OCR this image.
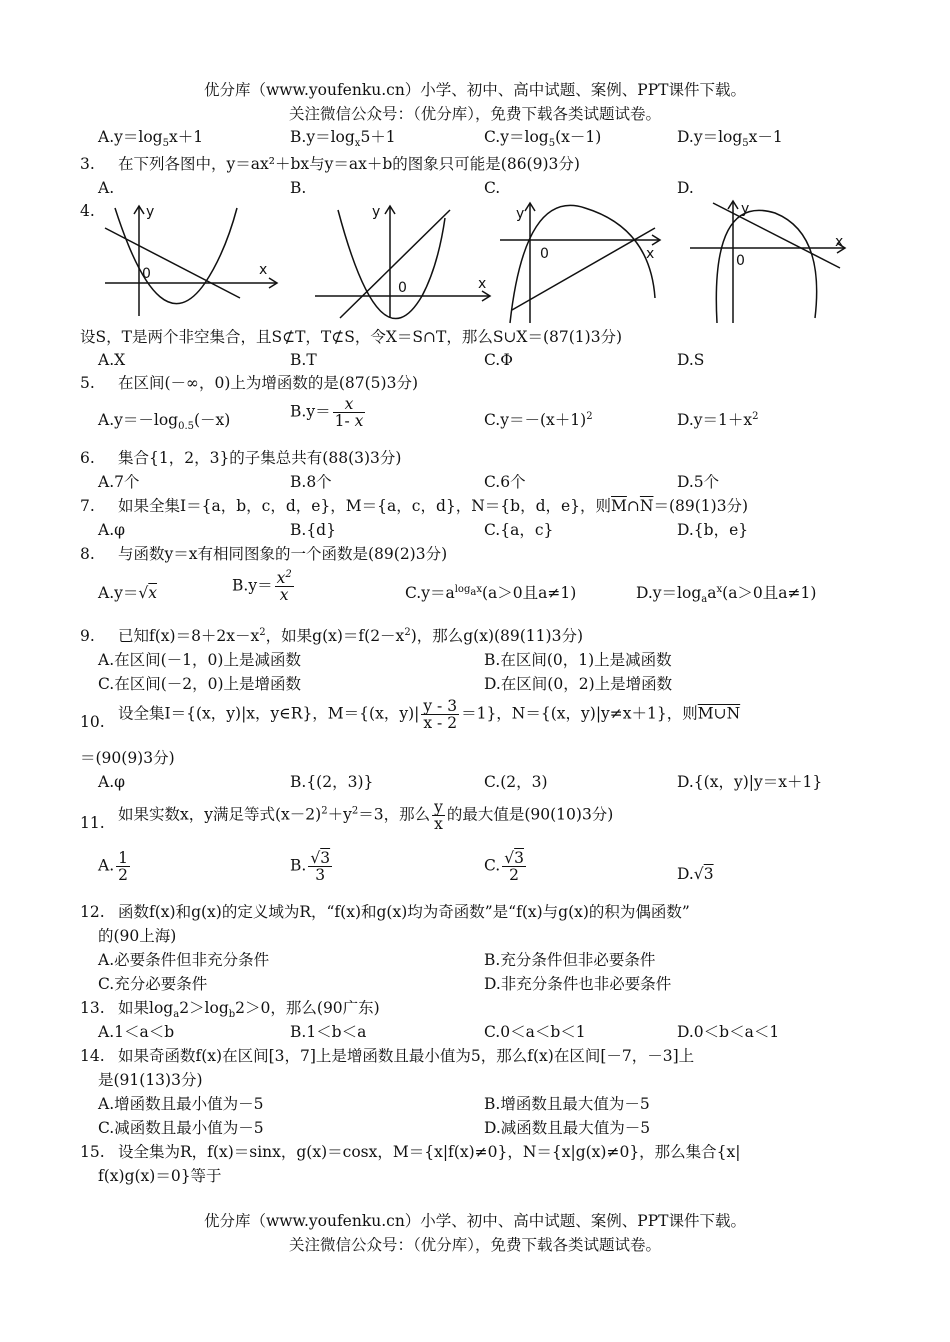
优分库（www.youfenku.cn）小学、初中、高中试题、案例、PPT课件下载。
关注微信公众号：（优分库），免费下载各类试题试卷。
$A.y=\log_5x+1$	$B.y=\log_x5+1$	$C.y=\log_5(x-1)$	$D.y=\log_5x-1$
3. 在下列各图中，y＝ax²＋bx与y＝ax＋b的图象只可能是(86(9)3分)
A.	B.	C.	D.
4.	y
x
0
y
x
0
y
x
0
y
x
0
设S，T是两个非空集合，且S⊄T，T⊄S，令X＝S∩T，那么S∪X＝(87(1)3分)
A.X	B.T	C.Φ	D.S
5. 在区间(－∞，0)上为增函数的是(87(5)3分)
$A.y=-\log_{0.5}(-x)$	$B.y= \frac{x}{1- x}$	$C.y=-(x+1)^2$	$D.y=1+x^2$
6. 集合{1，2，3}的子集总共有(88(3)3分)
A.7个	B.8个	C.6个	D.5个
7. 如果全集I＝{a，b，c，d，e}，M＝{a，c，d}，N＝{b，d，e}，则$\overline{M}\cap\overline{N}=(89(1)3$分)
A.φ	B.{d}	C.{a，c}	D.{b，e}
8. 与函数y＝x有相同图象的一个函数是(89(2)3分)
A.y＝√x	$B.y= \frac{x^2}{x}$	$C.y=a^{log_ax}(a>0$且a≠1)	$D.y=\log_aa^x(a>0$且a≠1)
9. 已知$f(x)=8+2x-x^2$，如果$g(x)=f(2-x^2)$，那么g(x)(89(11)3分)
A.在区间(－1，0)上是减函数	B.在区间(0，1)上是减函数
C.在区间(－2，0)上是增函数	D.在区间(0，2)上是增函数
10. 设全集I＝{(x，y)|x，y∈R}，M＝{(x，$y)| \frac{y - 3}{x - 2} =1$}，N＝{(x，y)|y≠x＋1}，则M∪N
＝(90(9)3分)
A.φ	B.{(2，3)}	C.(2，3)	D.{(x，y)|y＝x＋1}
11. 如果实数x，y满足等式$(x-2)^2+y^2=3$，那么 $\frac{y}{x}$ 的最大值是(90(10)3分)
A. $\frac{1}{2}$	B. $\frac{√3}{3}$	C. $\frac{√3}{2}$	D.√3
12. 函数f(x)和g(x)的定义域为R，“f(x)和g(x)均为奇函数”是“f(x)与g(x)的积为偶函数”
的(90上海)
A.必要条件但非充分条件	B.充分条件但非必要条件
C.充分必要条件	D.非充分条件也非必要条件
13. 如果$\log_a2>\log_b2>0$，那么(90广东)
A.1＜a＜b	B.1＜b＜a	C.0＜a＜b＜1	D.0＜b＜a＜1
14. 如果奇函数f(x)在区间[3，7]上是增函数且最小值为5，那么f(x)在区间[－7，－3]上
是(91(13)3分)
A.增函数且最小值为－5	B.增函数且最大值为－5
C.减函数且最小值为－5	D.减函数且最大值为－5
15. 设全集为R，f(x)＝sinx，g(x)＝cosx，M＝{x|f(x)≠0}，N＝{x|g(x)≠0}，那么集合{x|
f(x)g(x)＝0}等于
优分库（www.youfenku.cn）小学、初中、高中试题、案例、PPT课件下载。
关注微信公众号：（优分库），免费下载各类试题试卷。
